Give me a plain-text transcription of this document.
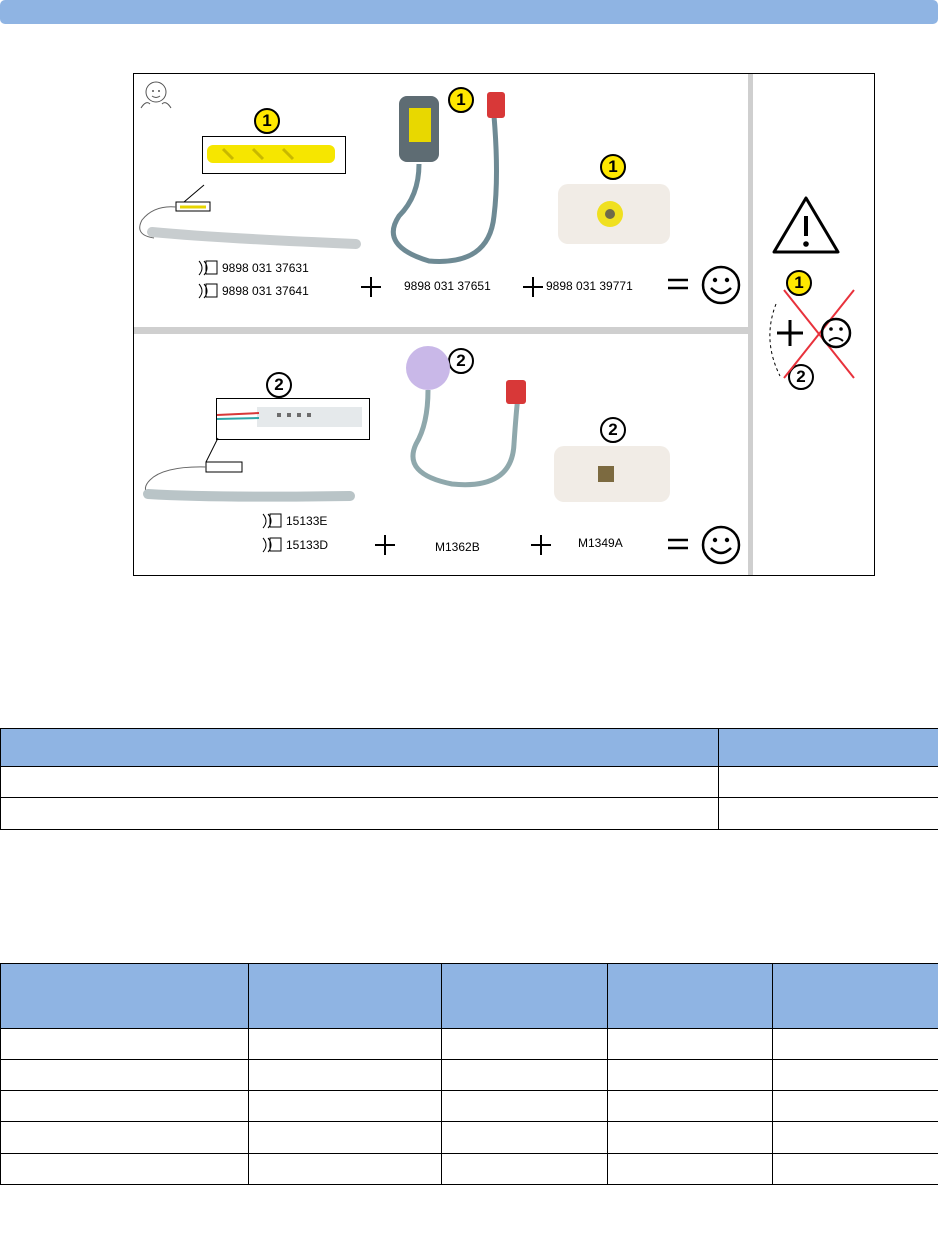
1
9898 031 37631
9898 031 37641
1
9898 031 37651
1
9898 031 39771
2
15133E
15133D
2
M1362B
2
M1349A
1
2
